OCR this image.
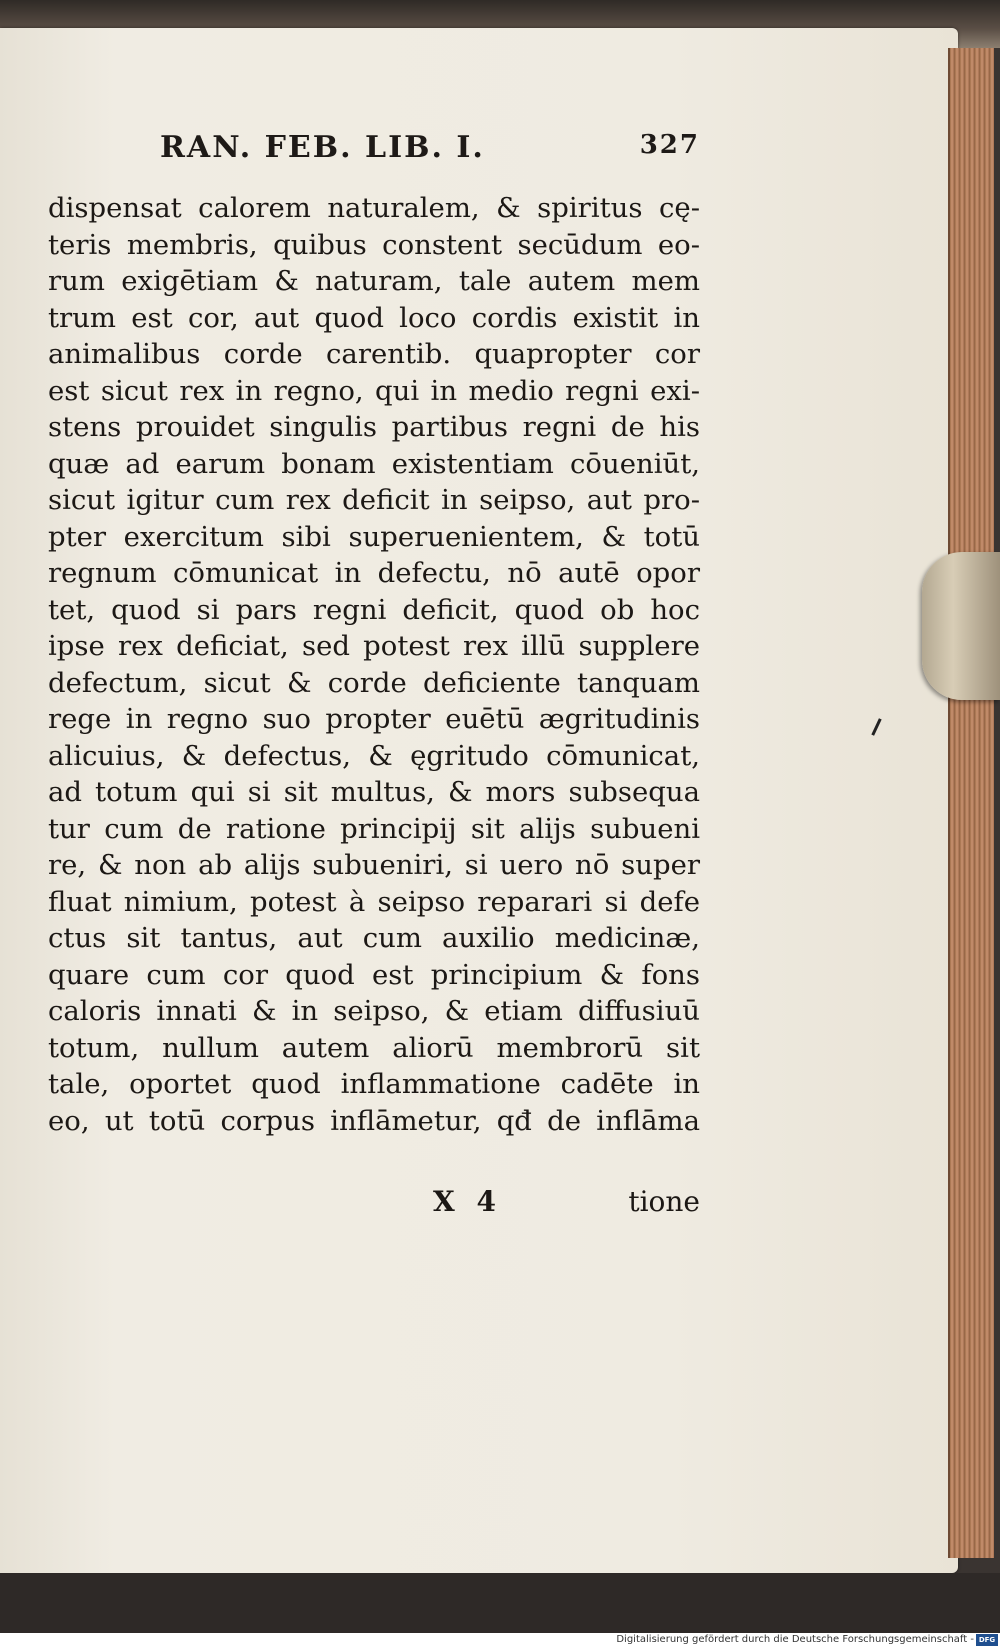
RAN. FEB. LIB. I.	327
dispensat calorem naturalem, & spiritus cę-
teris membris, quibus constent secūdum eo-
rum exigētiam & naturam, tale autem mem
trum est cor, aut quod loco cordis existit in
animalibus corde carentib. quapropter cor
est sicut rex in regno, qui in medio regni exi-
stens prouidet singulis partibus regni de his
quæ ad earum bonam existentiam cōueniūt,
sicut igitur cum rex deficit in seipso, aut pro-
pter exercitum sibi superuenientem, & totū
regnum cōmunicat in defectu, nō autē opor
tet, quod si pars regni deficit, quod ob hoc
ipse rex deficiat, sed potest rex illū supplere
defectum, sicut & corde deficiente tanquam
rege in regno suo propter euētū ægritudinis
alicuius, & defectus, & ęgritudo cōmunicat,
ad totum qui si sit multus, & mors subsequa
tur cum de ratione principij sit alijs subueni
re, & non ab alijs subueniri, si uero nō super
fluat nimium, potest à seipso reparari si defe
ctus sit tantus, aut cum auxilio medicinæ,
quare cum cor quod est principium & fons
caloris innati & in seipso, & etiam diffusiuū
totum, nullum autem aliorū membrorū sit
tale, oportet quod inflammatione cadēte in
eo, ut totū corpus inflāmetur, qđ de inflāma
X 4	tione
Digitalisierung gefördert durch die Deutsche Forschungsgemeinschaft - DFG
